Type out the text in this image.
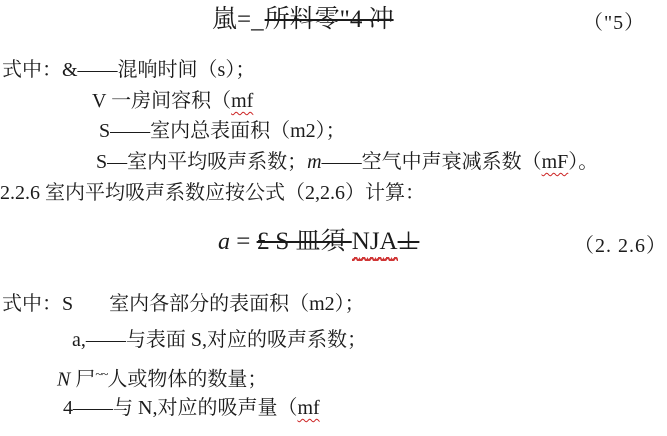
嵐=_所料零"4 冲	（"5）
式中：&——混响时间（s）；
V 一房间容积（mf
S——室内总表面积（m2）；
S—室内平均吸声系数；m——空气中声衰减系数（mF）。
2.2.6 室内平均吸声系数应按公式（2,2.6）计算：
a = £ S 皿須 NJA⊥	（2. 2.6）
式中：S 室内各部分的表面积（m2）；
a,——与表面 S,对应的吸声系数；
N 尸~~人或物体的数量；
4——与 N,对应的吸声量（mf
